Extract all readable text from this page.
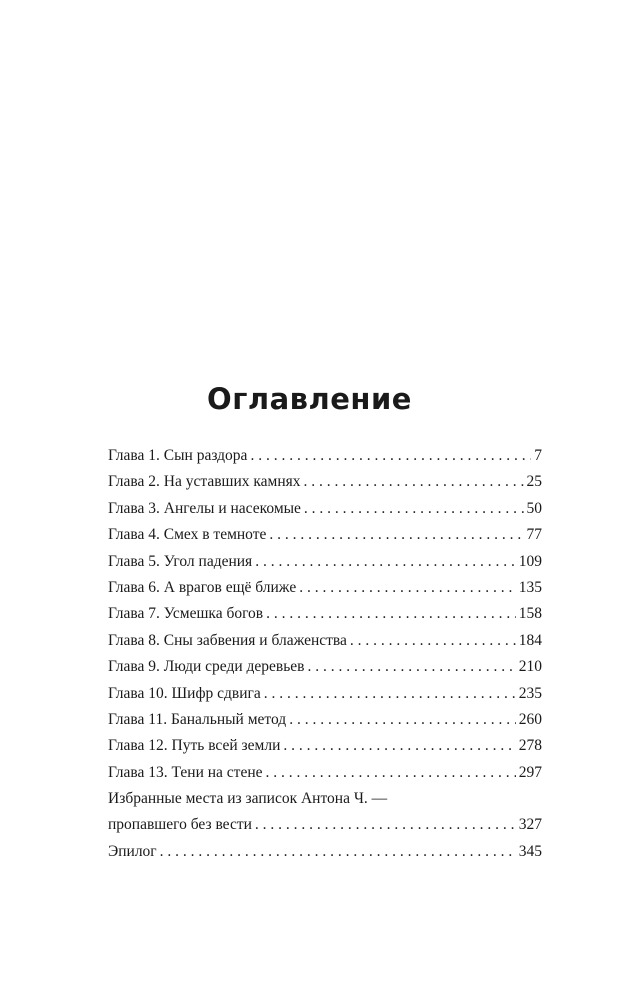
Оглавление
Глава 1. Сын раздора . . .	7
Глава 2. На уставших камнях . . .	25
Глава 3. Ангелы и насекомые . . .	50
Глава 4. Смех в темноте . . .	77
Глава 5. Угол падения . . .	109
Глава 6. А врагов ещё ближе . . .	135
Глава 7. Усмешка богов . . .	158
Глава 8. Сны забвения и блаженства . . .	184
Глава 9. Люди среди деревьев . . .	210
Глава 10. Шифр сдвига . . .	235
Глава 11. Банальный метод . . .	260
Глава 12. Путь всей земли . . .	278
Глава 13. Тени на стене . . .	297
Избранные места из записок Антона Ч. —
пропавшего без вести . . .	327
Эпилог . . .	345
